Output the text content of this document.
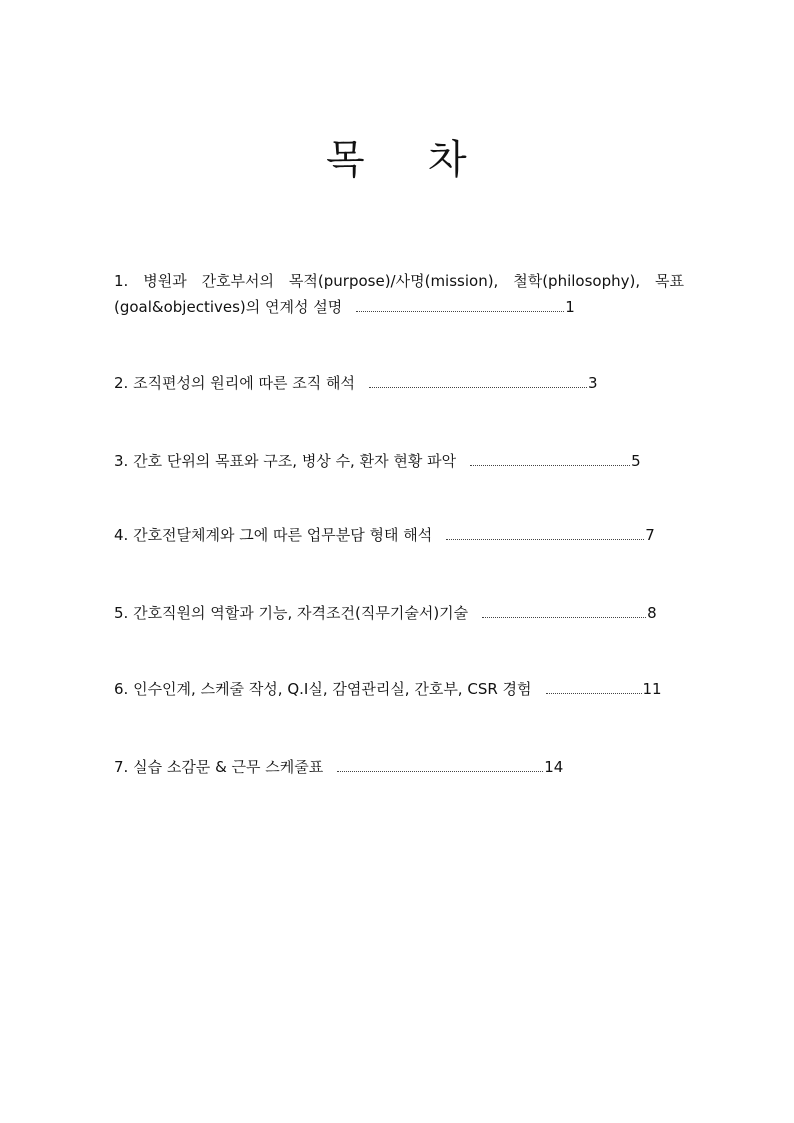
목 차
1. 병원과 간호부서의 목적(purpose)/사명(mission), 철학(philosophy), 목표
(goal&objectives)의 연계성 설명	1
2. 조직편성의 원리에 따른 조직 해석	3
3. 간호 단위의 목표와 구조, 병상 수, 환자 현황 파악	5
4. 간호전달체계와 그에 따른 업무분담 형태 해석	7
5. 간호직원의 역할과 기능, 자격조건(직무기술서)기술	8
6. 인수인계, 스케줄 작성, Q.I실, 감염관리실, 간호부, CSR 경험	11
7. 실습 소감문 & 근무 스케줄표	14
